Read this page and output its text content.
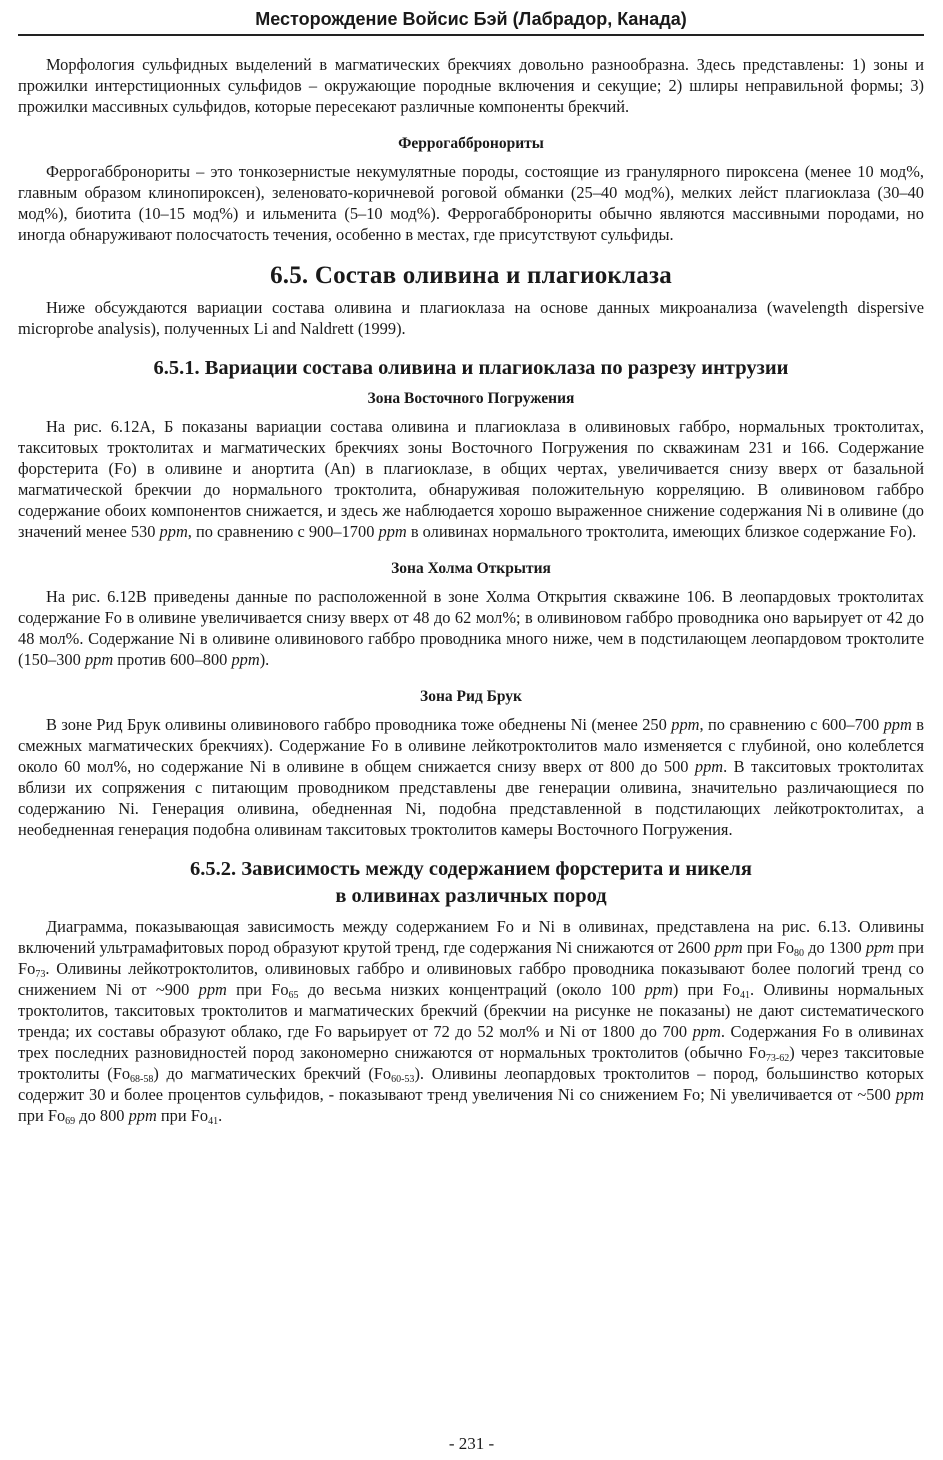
Месторождение Войсис Бэй (Лабрадор, Канада)

Морфология сульфидных выделений в магматических брекчиях довольно разнообразна. Здесь представлены: 1) зоны и прожилки интерстиционных сульфидов – окружающие породные включения и секущие; 2) шлиры неправильной формы; 3) прожилки массивных сульфидов, которые пересекают различные компоненты брекчий.

Феррогаббронориты

Феррогаббронориты – это тонкозернистые некумулятные породы, состоящие из гранулярного пироксена (менее 10 мод%, главным образом клинопироксен), зеленовато-коричневой роговой обманки (25–40 мод%), мелких лейст плагиоклаза (30–40 мод%), биотита (10–15 мод%) и ильменита (5–10 мод%). Феррогаббронориты обычно являются массивными породами, но иногда обнаруживают полосчатость течения, особенно в местах, где присутствуют сульфиды.

6.5. Состав оливина и плагиоклаза

Ниже обсуждаются вариации состава оливина и плагиоклаза на основе данных микроанализа (wavelength dispersive microprobe analysis), полученных Li and Naldrett (1999).

6.5.1. Вариации состава оливина и плагиоклаза по разрезу интрузии
Зона Восточного Погружения

На рис. 6.12А, Б показаны вариации состава оливина и плагиоклаза в оливиновых габбро, нормальных троктолитах, такситовых троктолитах и магматических брекчиях зоны Восточного Погружения по скважинам 231 и 166. Содержание форстерита (Fo) в оливине и анортита (An) в плагиоклазе, в общих чертах, увеличивается снизу вверх от базальной магматической брекчии до нормального троктолита, обнаруживая положительную корреляцию. В оливиновом габбро содержание обоих компонентов снижается, и здесь же наблюдается хорошо выраженное снижение содержания Ni в оливине (до значений менее 530 ppm, по сравнению с 900–1700 ppm в оливинах нормального троктолита, имеющих близкое содержание Fo).

Зона Холма Открытия

На рис. 6.12В приведены данные по расположенной в зоне Холма Открытия скважине 106. В леопардовых троктолитах содержание Fo в оливине увеличивается снизу вверх от 48 до 62 мол%; в оливиновом габбро проводника оно варьирует от 42 до 48 мол%. Содержание Ni в оливине оливинового габбро проводника много ниже, чем в подстилающем леопардовом троктолите (150–300 ppm против 600–800 ppm).

Зона Рид Брук

В зоне Рид Брук оливины оливинового габбро проводника тоже обеднены Ni (менее 250 ppm, по сравнению с 600–700 ppm в смежных магматических брекчиях). Содержание Fo в оливине лейкотроктолитов мало изменяется с глубиной, оно колеблется около 60 мол%, но содержание Ni в оливине в общем снижается снизу вверх от 800 до 500 ppm. В такситовых троктолитах вблизи их сопряжения с питающим проводником представлены две генерации оливина, значительно различающиеся по содержанию Ni. Генерация оливина, обедненная Ni, подобна представленной в подстилающих лейкотроктолитах, а необедненная генерация подобна оливинам такситовых троктолитов камеры Восточного Погружения.

6.5.2. Зависимость между содержанием форстерита и никеля
в оливинах различных пород

Диаграмма, показывающая зависимость между содержанием Fo и Ni в оливинах, представлена на рис. 6.13. Оливины включений ультрамафитовых пород образуют крутой тренд, где содержания Ni снижаются от 2600 ppm при $Fo_{80}$ до 1300 ppm при $Fo_{73}$. Оливины лейкотроктолитов, оливиновых габбро и оливиновых габбро проводника показывают более пологий тренд со снижением Ni от ~900 ppm при $Fo_{65}$ до весьма низких концентраций (около 100 ppm) при $Fo_{41}$. Оливины нормальных троктолитов, такситовых троктолитов и магматических брекчий (брекчии на рисунке не показаны) не дают систематического тренда; их составы образуют облако, где Fo варьирует от 72 до 52 мол% и Ni от 1800 до 700 ppm. Содержания Fo в оливинах трех последних разновидностей пород закономерно снижаются от нормальных троктолитов (обычно $Fo_{73-62}$) через такситовые троктолиты $(Fo_{68-58})$ до магматических брекчий $(Fo_{60-53})$. Оливины леопардовых троктолитов – пород, большинство которых содержит 30 и более процентов сульфидов, - показывают тренд увеличения Ni со снижением Fo; Ni увеличивается от ~500 ppm при $Fo_{69}$ до 800 ppm при $Fo_{41}$.

- 231 -
